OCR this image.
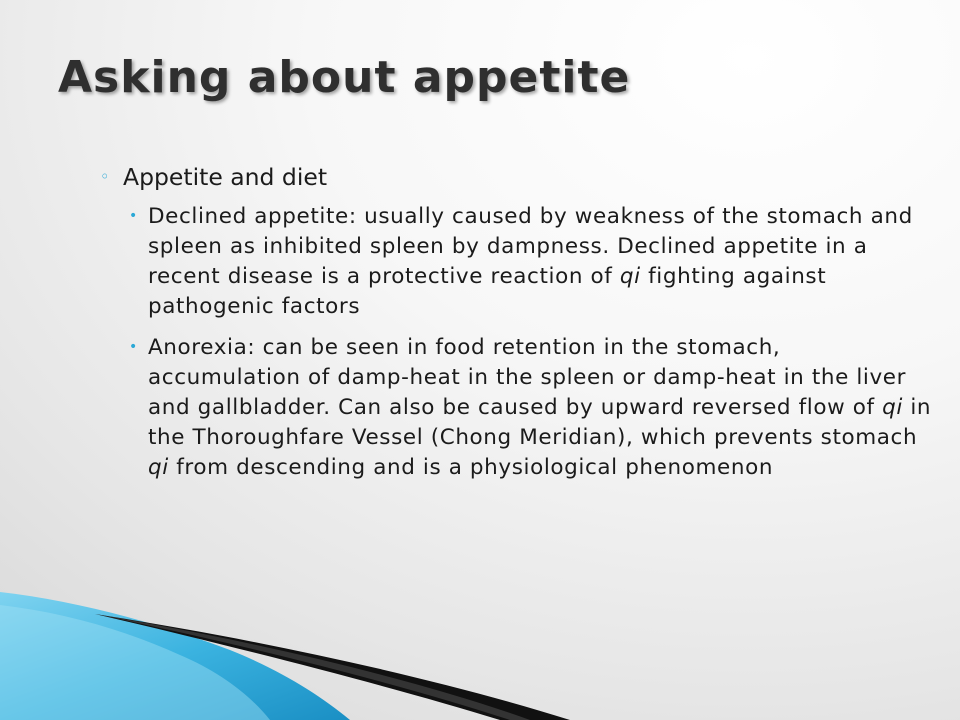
Asking about appetite
◦ Appetite and diet
• Declined appetite: usually caused by weakness of the stomach and spleen as inhibited spleen by dampness. Declined appetite in a recent disease is a protective reaction of qi fighting against pathogenic factors
• Anorexia: can be seen in food retention in the stomach, accumulation of damp-heat in the spleen or damp-heat in the liver and gallbladder. Can also be caused by upward reversed flow of qi in the Thoroughfare Vessel (Chong Meridian), which prevents stomach  qi from descending and is a physiological phenomenon
